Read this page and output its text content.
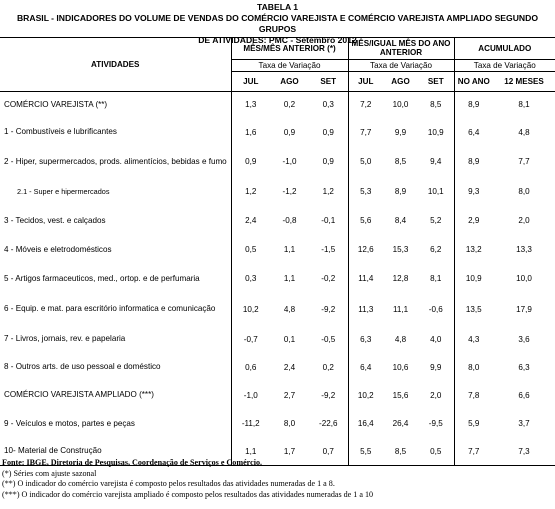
TABELA 1
BRASIL - INDICADORES DO VOLUME DE VENDAS DO COMÉRCIO VAREJISTA E COMÉRCIO VAREJISTA AMPLIADO SEGUNDO GRUPOS
DE ATIVIDADES: PMC - Setembro 2012
ATIVIDADES	MÊS/MÊS ANTERIOR (*)			MÊS/IGUAL MÊS DO ANO ANTERIOR			ACUMULADO	
	Taxa de Variação			Taxa de Variação			Taxa de Variação	
	JUL	AGO	SET	JUL	AGO	SET	NO ANO	12 MESES
COMÉRCIO VAREJISTA (**)	1,3	0,2	0,3	7,2	10,0	8,5	8,9	8,1
1 - Combustíveis e lubrificantes	1,6	0,9	0,9	7,7	9,9	10,9	6,4	4,8
2 - Hiper, supermercados, prods. alimentícios, bebidas e fumo	0,9	-1,0	0,9	5,0	8,5	9,4	8,9	7,7
2.1 - Super e hipermercados	1,2	-1,2	1,2	5,3	8,9	10,1	9,3	8,0
3 - Tecidos, vest. e calçados	2,4	-0,8	-0,1	5,6	8,4	5,2	2,9	2,0
4 - Móveis e eletrodomésticos	0,5	1,1	-1,5	12,6	15,3	6,2	13,2	13,3
5 - Artigos farmaceuticos, med., ortop. e de perfumaria	0,3	1,1	-0,2	11,4	12,8	8,1	10,9	10,0
6 - Equip. e mat. para escritório informatica e comunicação	10,2	4,8	-9,2	11,3	11,1	-0,6	13,5	17,9
7 - Livros, jornais, rev. e papelaria	-0,7	0,1	-0,5	6,3	4,8	4,0	4,3	3,6
8 - Outros arts. de uso pessoal e doméstico	0,6	2,4	0,2	6,4	10,6	9,9	8,0	6,3
COMÉRCIO VAREJISTA AMPLIADO (***)	-1,0	2,7	-9,2	10,2	15,6	2,0	7,8	6,6
9 - Veículos e motos, partes e peças	-11,2	8,0	-22,6	16,4	26,4	-9,5	5,9	3,7
10- Material de Construção	1,1	1,7	0,7	5,5	8,5	0,5	7,7	7,3
Fonte: IBGE, Diretoria de Pesquisas, Coordenação de Serviços e Comércio.
(*) Séries com ajuste sazonal
(**) O indicador do comércio varejista é composto pelos resultados das atividades numeradas de 1 a 8.
(***) O indicador do comércio varejista ampliado é composto pelos resultados das atividades numeradas de 1 a 10
